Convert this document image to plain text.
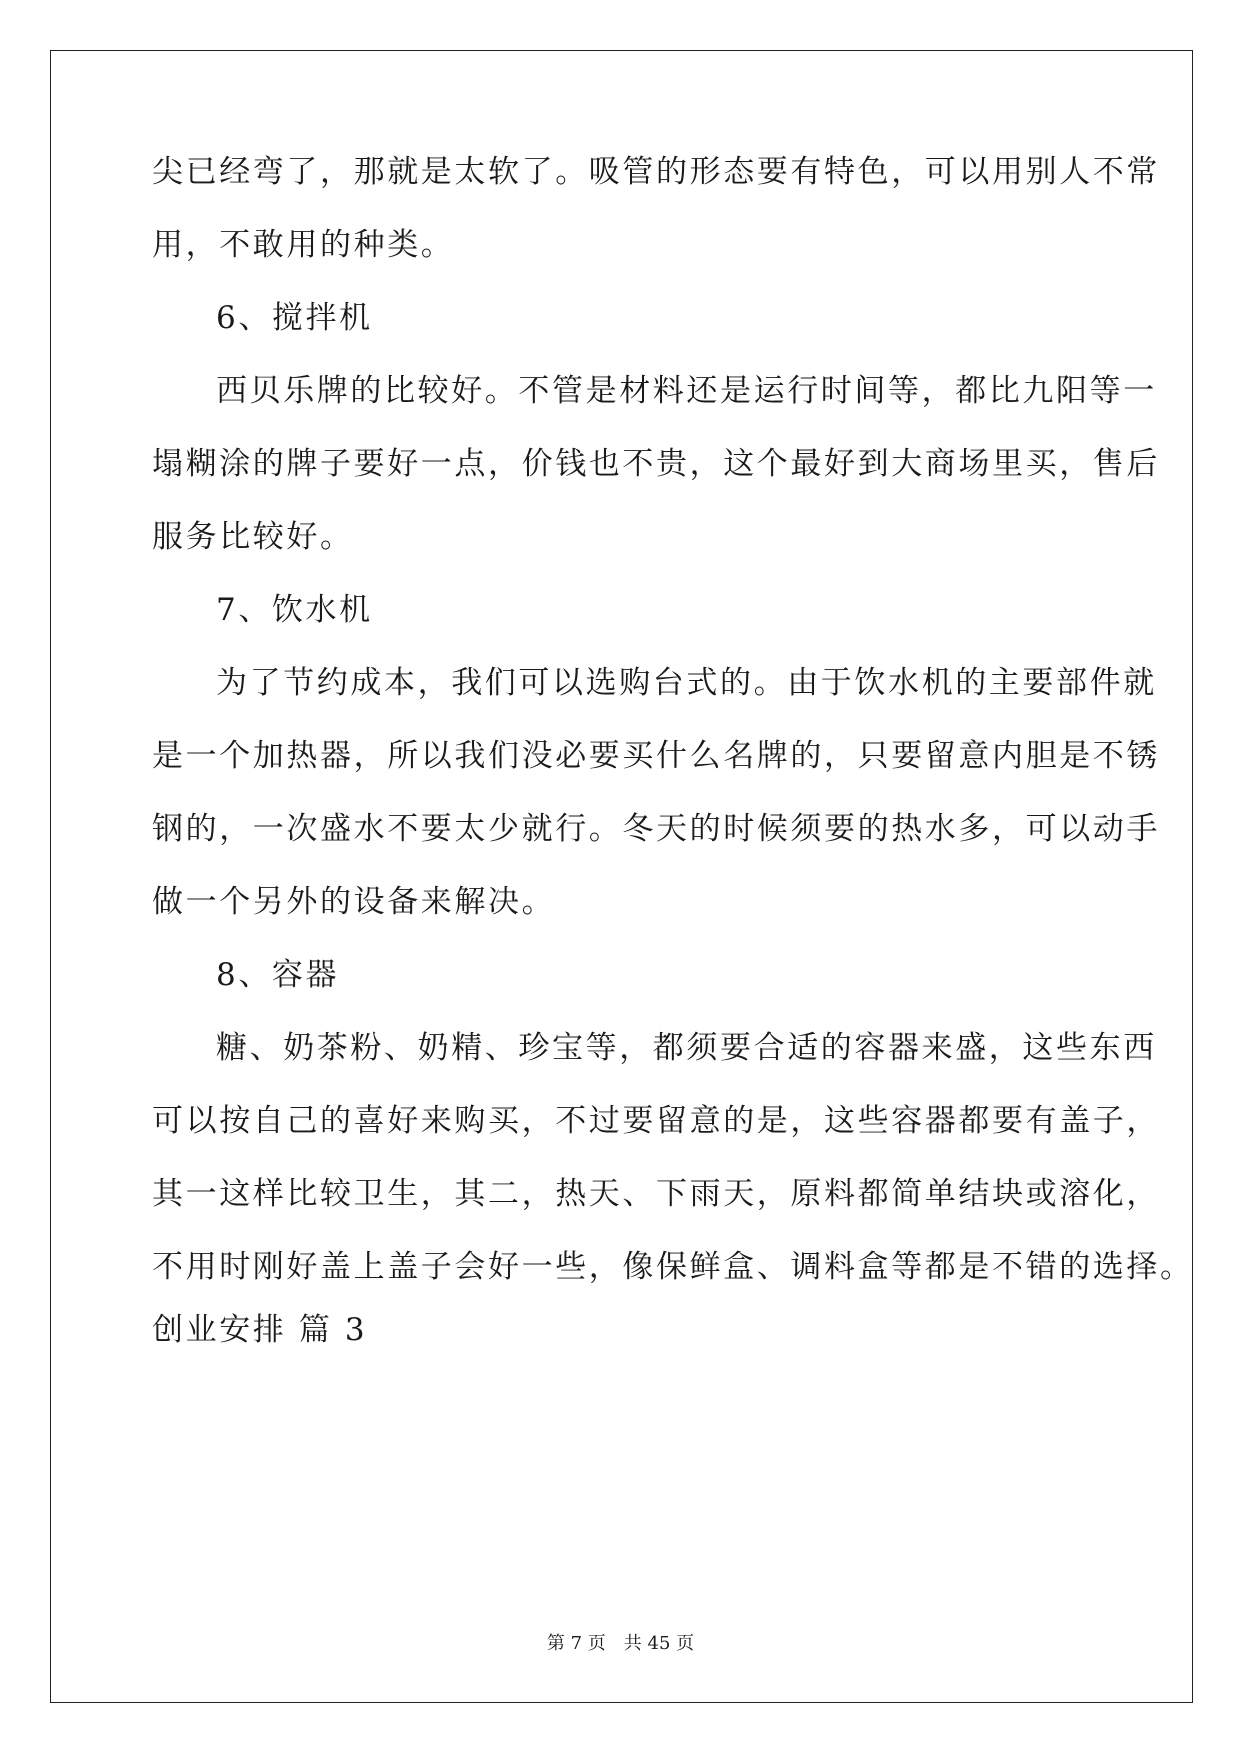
尖已经弯了，那就是太软了。吸管的形态要有特色，可以用别人不常
用，不敢用的种类。
6、搅拌机
西贝乐牌的比较好。不管是材料还是运行时间等，都比九阳等一
塌糊涂的牌子要好一点，价钱也不贵，这个最好到大商场里买，售后
服务比较好。
7、饮水机
为了节约成本，我们可以选购台式的。由于饮水机的主要部件就
是一个加热器，所以我们没必要买什么名牌的，只要留意内胆是不锈
钢的，一次盛水不要太少就行。冬天的时候须要的热水多，可以动手
做一个另外的设备来解决。
8、容器
糖、奶茶粉、奶精、珍宝等，都须要合适的容器来盛，这些东西
可以按自己的喜好来购买，不过要留意的是，这些容器都要有盖子，
其一这样比较卫生，其二，热天、下雨天，原料都简单结块或溶化，
不用时刚好盖上盖子会好一些，像保鲜盒、调料盒等都是不错的选择。
创业安排 篇 3
第 7 页　共 45 页
